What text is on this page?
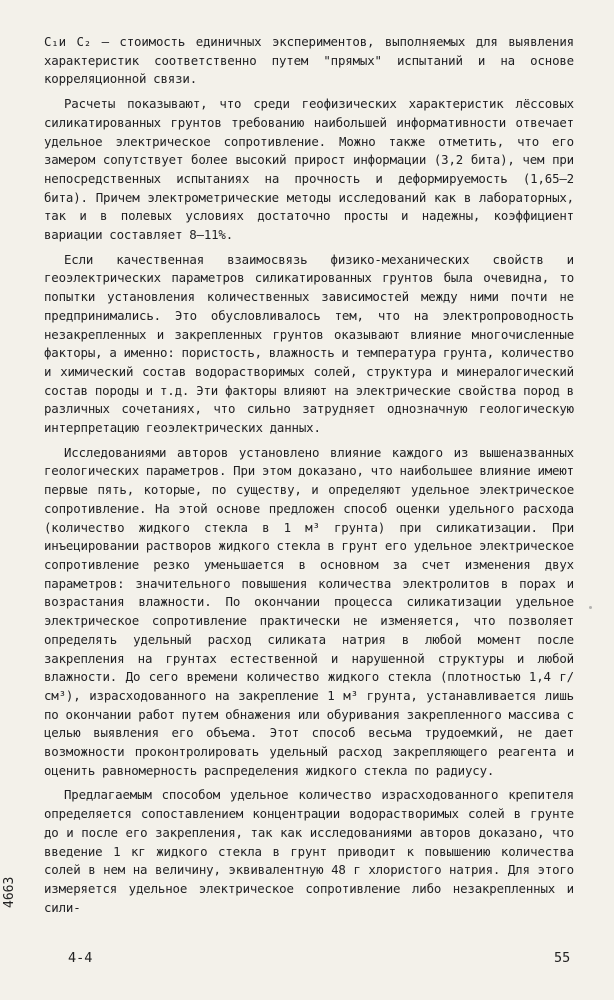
C₁и C₂ – стоимость единичных экспериментов, выполняемых для выявления характеристик соответственно путем "прямых" испытаний и на основе корреляционной связи.

Расчеты показывают, что среди геофизических характеристик лёссовых силикатированных грунтов требованию наибольшей информативности отвечает удельное электрическое сопротивление. Можно также отметить, что его замером сопутствует более высокий прирост информации (3,2 бита), чем при непосредственных испытаниях на прочность и деформируемость (1,65–2 бита). Причем электрометрические методы исследований как в лабораторных, так и в полевых условиях достаточно просты и надежны, коэффициент вариации составляет 8–11%.

Если качественная взаимосвязь физико-механических свойств и геоэлектрических параметров силикатированных грунтов была очевидна, то попытки установления количественных зависимостей между ними почти не предпринимались. Это обусловливалось тем, что на электропроводность незакрепленных и закрепленных грунтов оказывают влияние многочисленные факторы, а именно: пористость, влажность и температура грунта, количество и химический состав водорастворимых солей, структура и минералогический состав породы и т.д. Эти факторы влияют на электрические свойства пород в различных сочетаниях, что сильно затрудняет однозначную геологическую интерпретацию геоэлектрических данных.

Исследованиями авторов установлено влияние каждого из вышеназванных геологических параметров. При этом доказано, что наибольшее влияние имеют первые пять, которые, по существу, и определяют удельное электрическое сопротивление. На этой основе предложен способ оценки удельного расхода (количество жидкого стекла в 1 м³ грунта) при силикатизации. При инъецировании растворов жидкого стекла в грунт его удельное электрическое сопротивление резко уменьшается в основном за счет изменения двух параметров: значительного повышения количества электролитов в порах и возрастания влажности. По окончании процесса силикатизации удельное электрическое сопротивление практически не изменяется, что позволяет определять удельный расход силиката натрия в любой момент после закрепления на грунтах естественной и нарушенной структуры и любой влажности. До сего времени количество жидкого стекла (плотностью 1,4 г/см³), израсходованного на закрепление 1 м³ грунта, устанавливается лишь по окончании работ путем обнажения или обуривания закрепленного массива с целью выявления его объема. Этот способ весьма трудоемкий, не дает возможности проконтролировать удельный расход закрепляющего реагента и оценить равномерность распределения жидкого стекла по радиусу.

Предлагаемым способом удельное количество израсходованного крепителя определяется сопоставлением концентрации водорастворимых солей в грунте до и после его закрепления, так как исследованиями авторов доказано, что введение 1 кг жидкого стекла в грунт приводит к повышению количества солей в нем на величину, эквивалентную 48 г хлористого натрия. Для этого измеряется удельное электрическое сопротивление либо незакрепленных и сили-

4663
4-4	55
